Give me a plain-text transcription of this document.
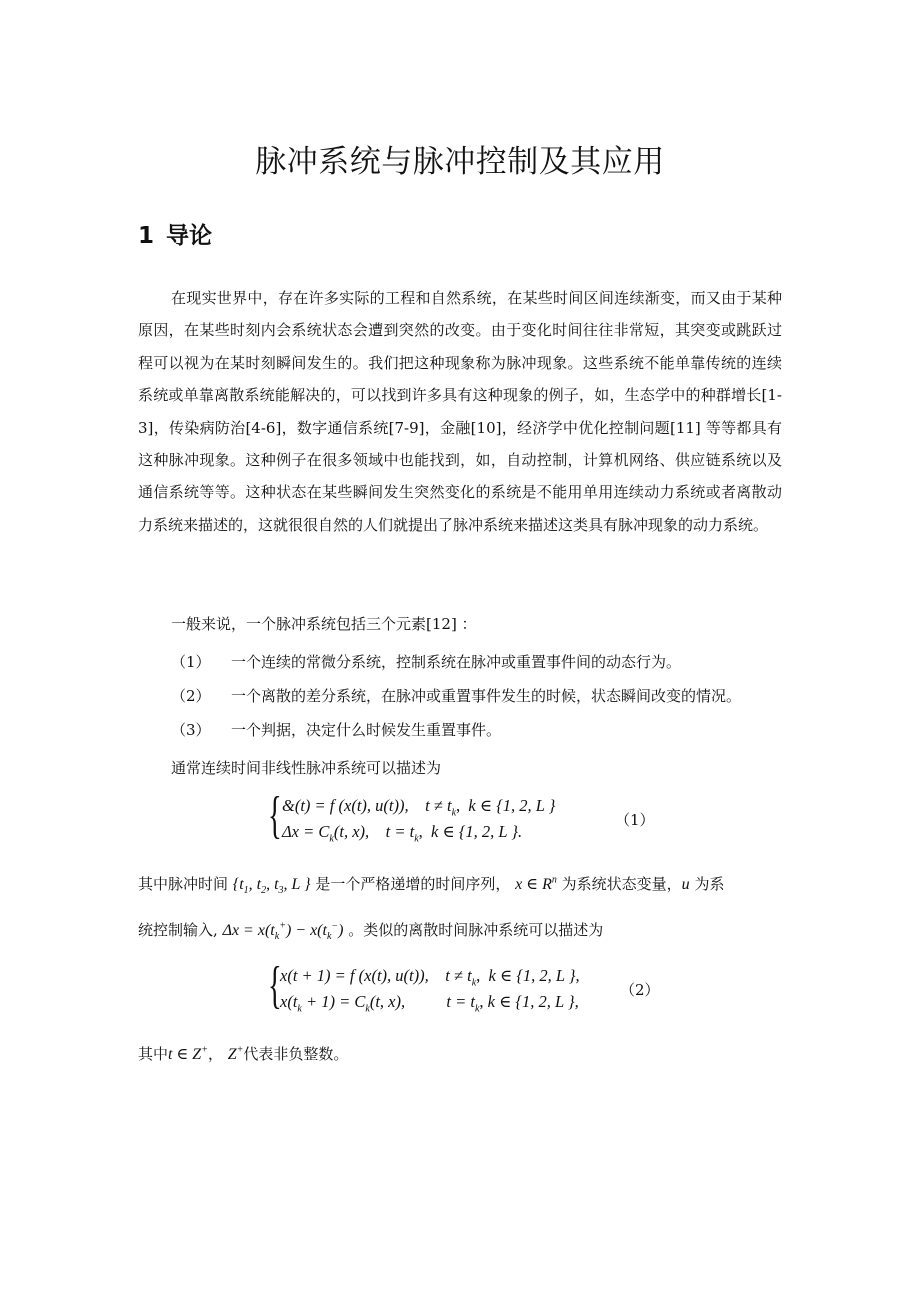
脉冲系统与脉冲控制及其应用
1 导论

在现实世界中，存在许多实际的工程和自然系统，在某些时间区间连续渐变，而又由于某种原因，在某些时刻内会系统状态会遭到突然的改变。由于变化时间往往非常短，其突变或跳跃过程可以视为在某时刻瞬间发生的。我们把这种现象称为脉冲现象。这些系统不能单靠传统的连续系统或单靠离散系统能解决的，可以找到许多具有这种现象的例子，如，生态学中的种群增长[1-3]，传染病防治[4-6]，数字通信系统[7-9]，金融[10]，经济学中优化控制问题[11] 等等都具有这种脉冲现象。这种例子在很多领域中也能找到，如，自动控制，计算机网络、供应链系统以及通信系统等等。这种状态在某些瞬间发生突然变化的系统是不能用单用连续动力系统或者离散动力系统来描述的，这就很很自然的人们就提出了脉冲系统来描述这类具有脉冲现象的动力系统。

一般来说，一个脉冲系统包括三个元素[12] ：
（1） 一个连续的常微分系统，控制系统在脉冲或重置事件间的动态行为。
（2） 一个离散的差分系统，在脉冲或重置事件发生的时候，状态瞬间改变的情况。
（3） 一个判据，决定什么时候发生重置事件。
通常连续时间非线性脉冲系统可以描述为
{ &(t) = f (x(t), u(t)), $t \ne t_k$,  k ∈ {1, 2, L }
$\Delta x = C_k(t$, x), $t = t_k$,  k ∈ {1, 2, L }.
（1）
其中脉冲时间 {$t_1$, $t_2$, $t_3$, L } 是一个严格递增的时间序列， x ∈ $R^n$ 为系统状态变量，u 为系
统控制输入, $\Delta x = x(t_k^+) - x(t_k^-)$ 。类似的离散时间脉冲系统可以描述为
{
x(t + 1) = f (x(t), u(t)), $t \ne t_k$,  k ∈ {1, 2, L },
$x(t_k + 1) = C_k(t$, x),	$t = t_k$, k ∈ {1, 2, L },
（2）
其中t ∈ Z+， Z+代表非负整数。
